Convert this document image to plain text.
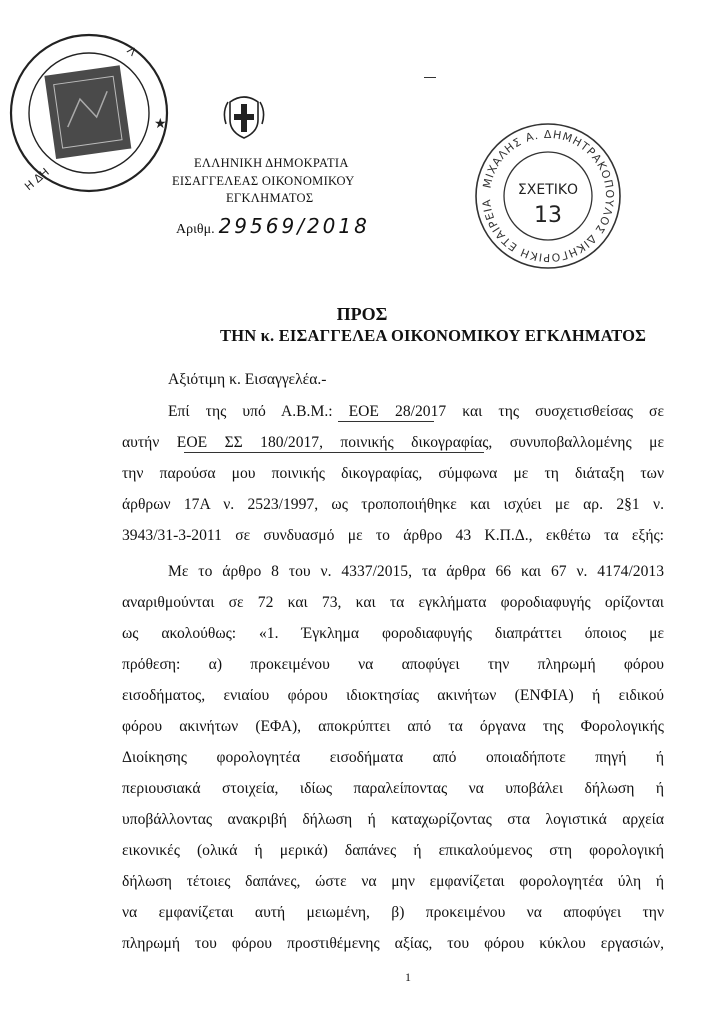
Η ΔΗ
Λ
★
ΕΛΛΗΝΙΚΗ ΔΗΜΟΚΡΑΤΙΑ
ΕΙΣΑΓΓΕΛΕΑΣ ΟΙΚΟΝΟΜΙΚΟΥ
ΕΓΚΛΗΜΑΤΟΣ
Αριθμ. 29569/2018
ΜΙΧΑΛΗΣ Α. ΔΗΜΗΤΡΑΚΟΠΟΥΛΟΣ ΔΙΚΗΓΟΡΙΚΗ ΕΤΑΙΡΕΙΑ
ΣΧΕΤΙΚΟ
13
ΠΡΟΣ
ΤΗΝ κ. ΕΙΣΑΓΓΕΛΕΑ ΟΙΚΟΝΟΜΙΚΟΥ ΕΓΚΛΗΜΑΤΟΣ
Αξιότιμη κ. Εισαγγελέα.-
Επί της υπό Α.Β.Μ.: ΕΟΕ 28/2017 και της συσχετισθείσας σε
αυτήν ΕΟΕ ΣΣ 180/2017, ποινικής δικογραφίας, συνυποβαλλομένης με
την παρούσα μου ποινικής δικογραφίας, σύμφωνα με τη διάταξη των
άρθρων 17Α ν. 2523/1997, ως τροποποιήθηκε και ισχύει με αρ. 2§1 ν.
3943/31-3-2011 σε συνδυασμό με το άρθρο 43 Κ.Π.Δ., εκθέτω τα εξής:
Με το άρθρο 8 του ν. 4337/2015, τα άρθρα 66 και 67 ν. 4174/2013
αναριθμούνται σε 72 και 73, και τα εγκλήματα φοροδιαφυγής ορίζονται
ως ακολούθως: «1. Έγκλημα φοροδιαφυγής διαπράττει όποιος με
πρόθεση: α) προκειμένου να αποφύγει την πληρωμή φόρου
εισοδήματος, ενιαίου φόρου ιδιοκτησίας ακινήτων (ΕΝΦΙΑ) ή ειδικού
φόρου ακινήτων (ΕΦΑ), αποκρύπτει από τα όργανα της Φορολογικής
Διοίκησης φορολογητέα εισοδήματα από οποιαδήποτε πηγή ή
περιουσιακά στοιχεία, ιδίως παραλείποντας να υποβάλει δήλωση ή
υποβάλλοντας ανακριβή δήλωση ή καταχωρίζοντας στα λογιστικά αρχεία
εικονικές (ολικά ή μερικά) δαπάνες ή επικαλούμενος στη φορολογική
δήλωση τέτοιες δαπάνες, ώστε να μην εμφανίζεται φορολογητέα ύλη ή
να εμφανίζεται αυτή μειωμένη, β) προκειμένου να αποφύγει την
πληρωμή του φόρου προστιθέμενης αξίας, του φόρου κύκλου εργασιών,
1
